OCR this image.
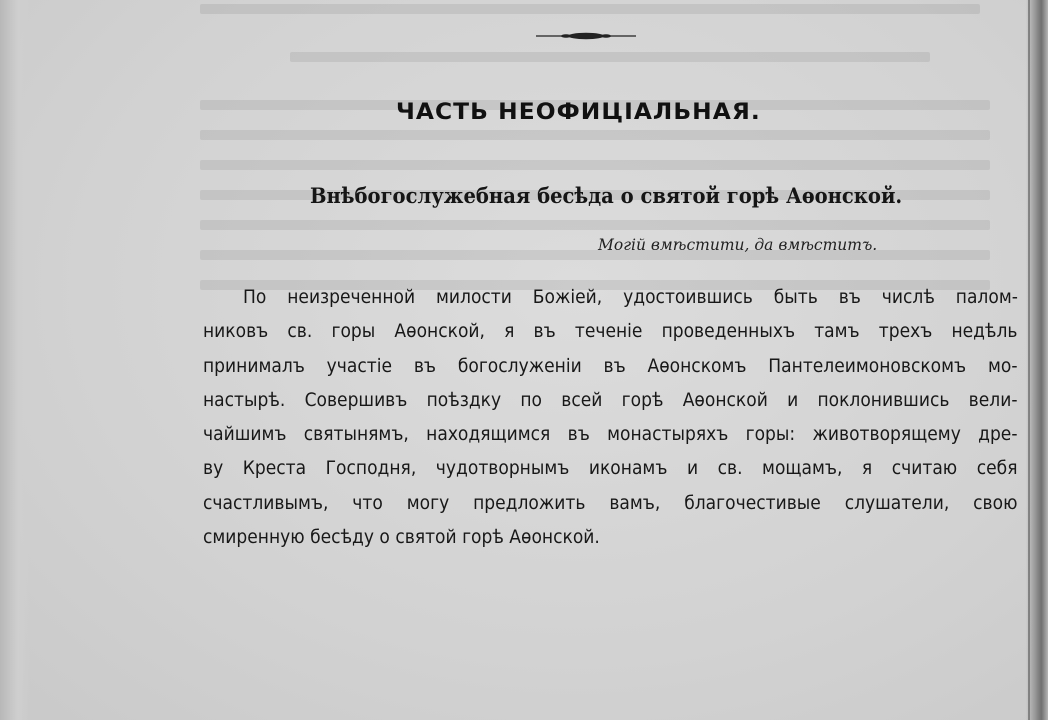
ЧАСТЬ НЕОФИЦІАЛЬНАЯ.
Внѣбогослужебная бесѣда о святой горѣ Аѳонской.

Могій вмѣстити, да вмѣститъ.

По неизреченной милости Божіей, удостоившись быть въ числѣ палом-

никовъ св. горы Аѳонской, я въ теченіе проведенныхъ тамъ трехъ недѣль

принималъ участіе въ богослуженіи въ Аѳонскомъ Пантелеимоновскомъ мо-

настырѣ. Совершивъ поѣздку по всей горѣ Аѳонской и поклонившись вели-

чайшимъ святынямъ, находящимся въ монастыряхъ горы: животворящему дре-

ву Креста Господня, чудотворнымъ иконамъ и св. мощамъ, я считаю себя

счастливымъ, что могу предложить вамъ, благочестивые слушатели, свою

смиренную бесѣду о святой горѣ Аѳонской.
